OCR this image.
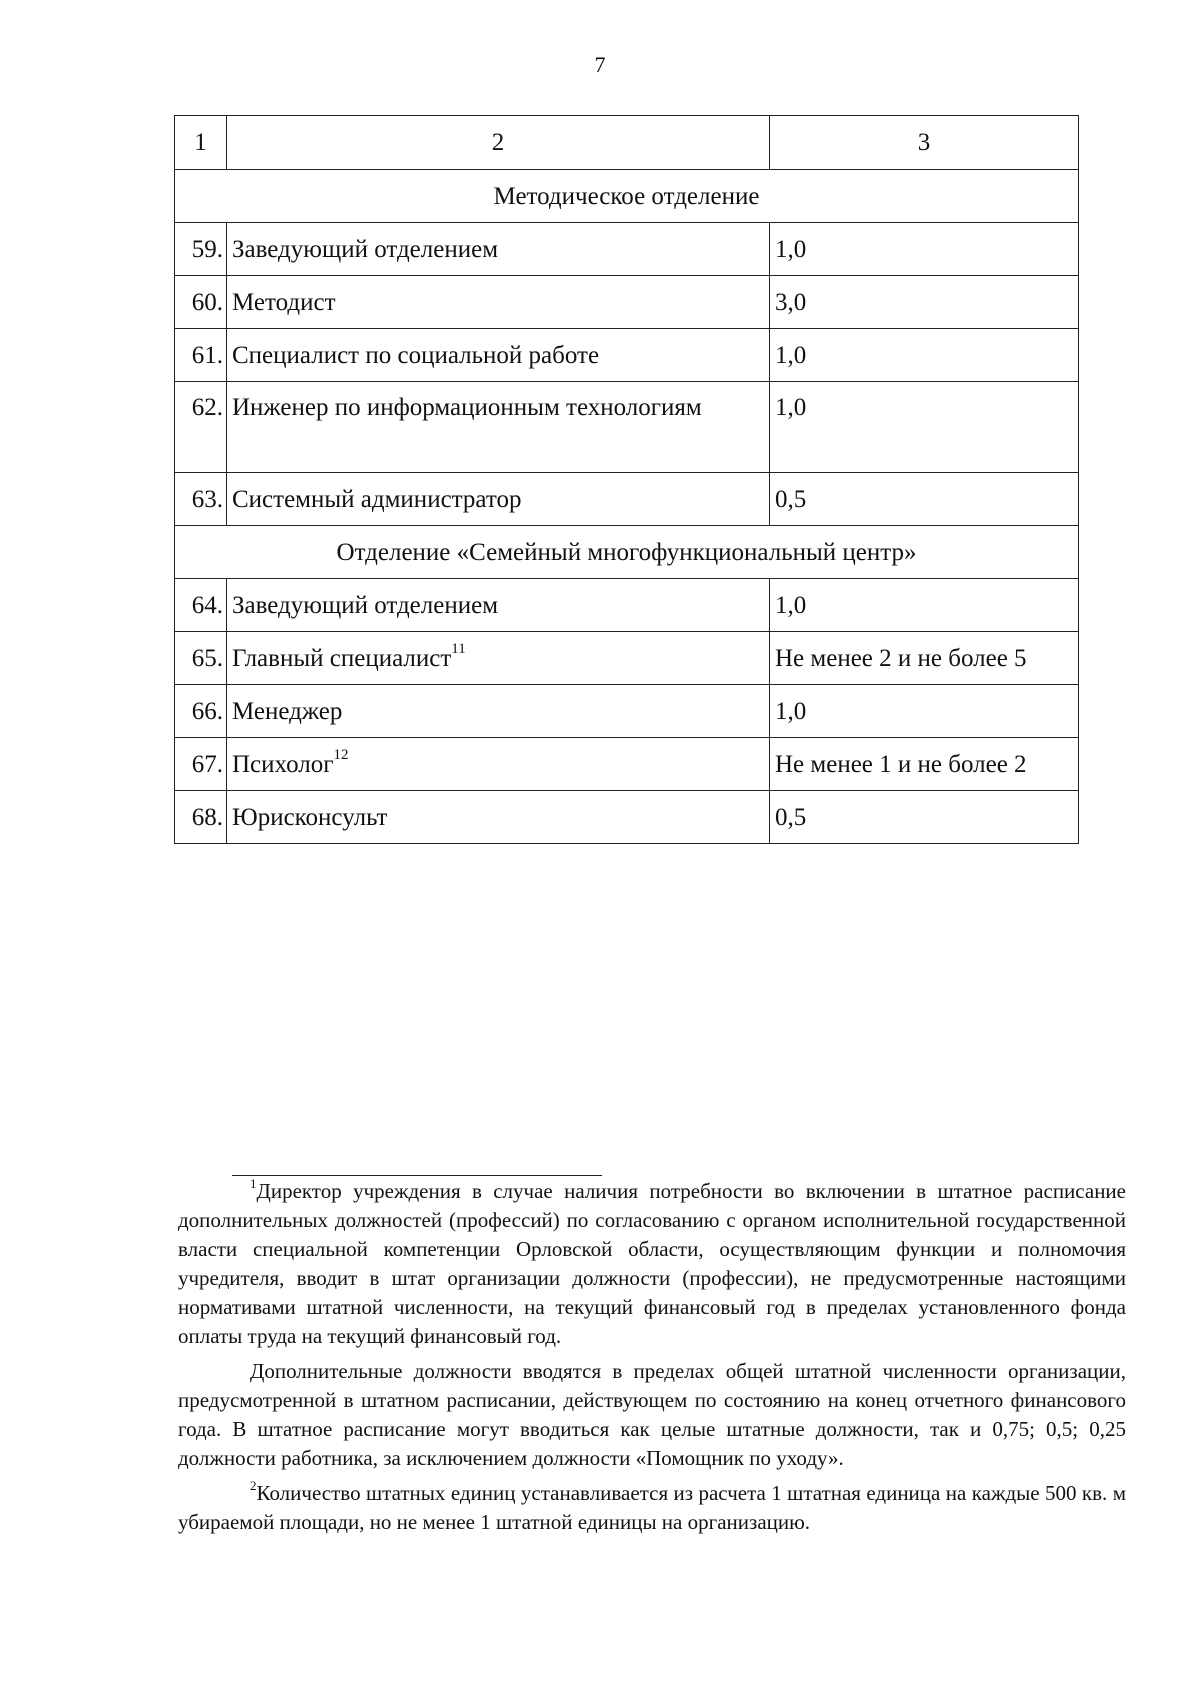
7
1	2	3
Методическое отделение		
59.	Заведующий отделением	1,0
60.	Методист	3,0
61.	Специалист по социальной работе	1,0
62.	Инженер по информационным технологиям	1,0
63.	Системный администратор	0,5
Отделение «Семейный многофункциональный центр»		
64.	Заведующий отделением	1,0
65.	Главный специалист$^{11}$	Не менее 2 и не более 5
66.	Менеджер	1,0
67.	Психолог$^{12}$	Не менее 1 и не более 2
68.	Юрисконсульт	0,5

$^1$Директор учреждения в случае наличия потребности во включении в штатное расписание дополнительных должностей (профессий) по согласованию с органом исполнительной государственной власти специальной компетенции Орловской области, осуществляющим функции и полномочия учредителя, вводит в штат организации должности (профессии), не предусмотренные настоящими нормативами штатной численности, на текущий финансовый год в пределах установленного фонда оплаты труда на текущий финансовый год.

Дополнительные должности вводятся в пределах общей штатной численности организации, предусмотренной в штатном расписании, действующем по состоянию на конец отчетного финансового года. В штатное расписание могут вводиться как целые штатные должности, так и 0,75; 0,5; 0,25 должности работника, за исключением должности «Помощник по уходу».

$^2$Количество штатных единиц устанавливается из расчета 1 штатная единица на каждые 500 кв. м убираемой площади, но не менее 1 штатной единицы на организацию.
